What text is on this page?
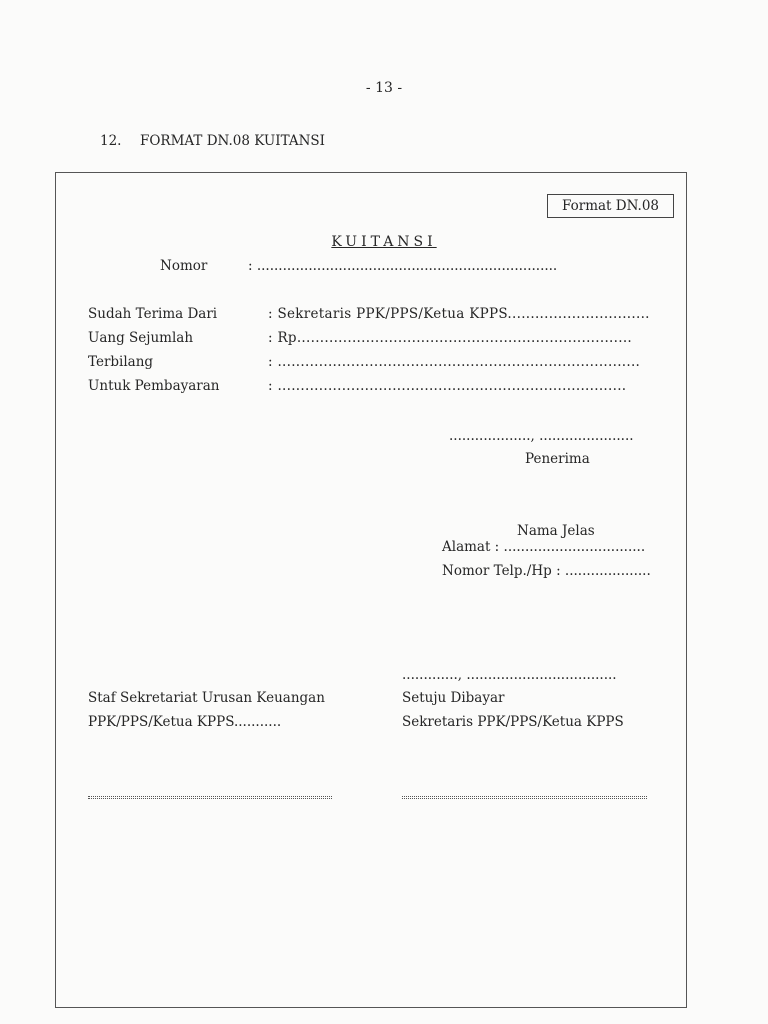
- 13 -
12. FORMAT DN.08 KUITANSI
Format DN.08
KUITANSI
Nomor	: ......................................................................
Sudah Terima Dari	: Sekretaris PPK/PPS/Ketua KPPS...............................
Uang Sejumlah	: Rp.........................................................................
Terbilang	: ...............................................................................
Untuk Pembayaran	: ............................................................................
..................., ......................
Penerima
Nama Jelas
Alamat : .................................
Nomor Telp./Hp : ....................
............., ...................................
Staf Sekretariat Urusan Keuangan
PPK/PPS/Ketua KPPS...........
Setuju Dibayar
Sekretaris PPK/PPS/Ketua KPPS
